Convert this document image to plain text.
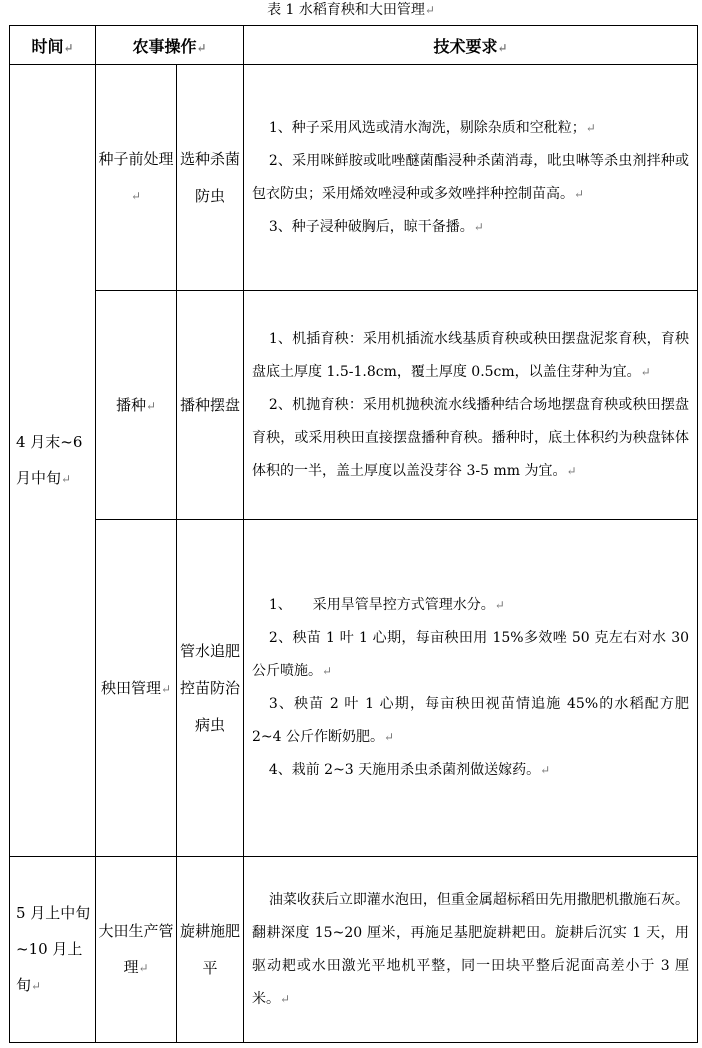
表 1 水稻育秧和大田管理↵
时间↵	农事操作↵		技术要求↵
4 月末~6 月中旬↵	种子前处理↵	选种杀菌防虫	1、种子采用风选或清水淘洗，剔除杂质和空秕粒；↵

2、采用咪鲜胺或吡唑醚菌酯浸种杀菌消毒，吡虫啉等杀虫剂拌种或包衣防虫；采用烯效唑浸种或多效唑拌种控制苗高。↵

3、种子浸种破胸后，晾干备播。↵

	播种↵	播种摆盘	1、机插育秧：采用机插流水线基质育秧或秧田摆盘泥浆育秧，育秧盘底土厚度 1.5-1.8cm，覆土厚度 0.5cm，以盖住芽种为宜。↵

2、机抛育秧：采用机抛秧流水线播种结合场地摆盘育秧或秧田摆盘育秧，或采用秧田直接摆盘播种育秧。播种时，底土体积约为秧盘钵体体积的一半，盖土厚度以盖没芽谷 3-5 mm 为宜。↵

	秧田管理↵	管水追肥控苗防治病虫	1、　　采用旱管旱控方式管理水分。↵

2、秧苗 1 叶 1 心期，每亩秧田用 15%多效唑 50 克左右对水 30 公斤喷施。↵

3、秧苗 2 叶 1 心期，每亩秧田视苗情追施 45%的水稻配方肥 2~4 公斤作断奶肥。↵

4、栽前 2~3 天施用杀虫杀菌剂做送嫁药。↵

5 月上中旬~10 月上旬↵	大田生产管理↵	旋耕施肥平	油菜收获后立即灌水泡田，但重金属超标稻田先用撒肥机撒施石灰。翻耕深度 15~20 厘米，再施足基肥旋耕耙田。旋耕后沉实 1 天，用驱动耙或水田激光平地机平整，同一田块平整后泥面高差小于 3 厘米。↵
